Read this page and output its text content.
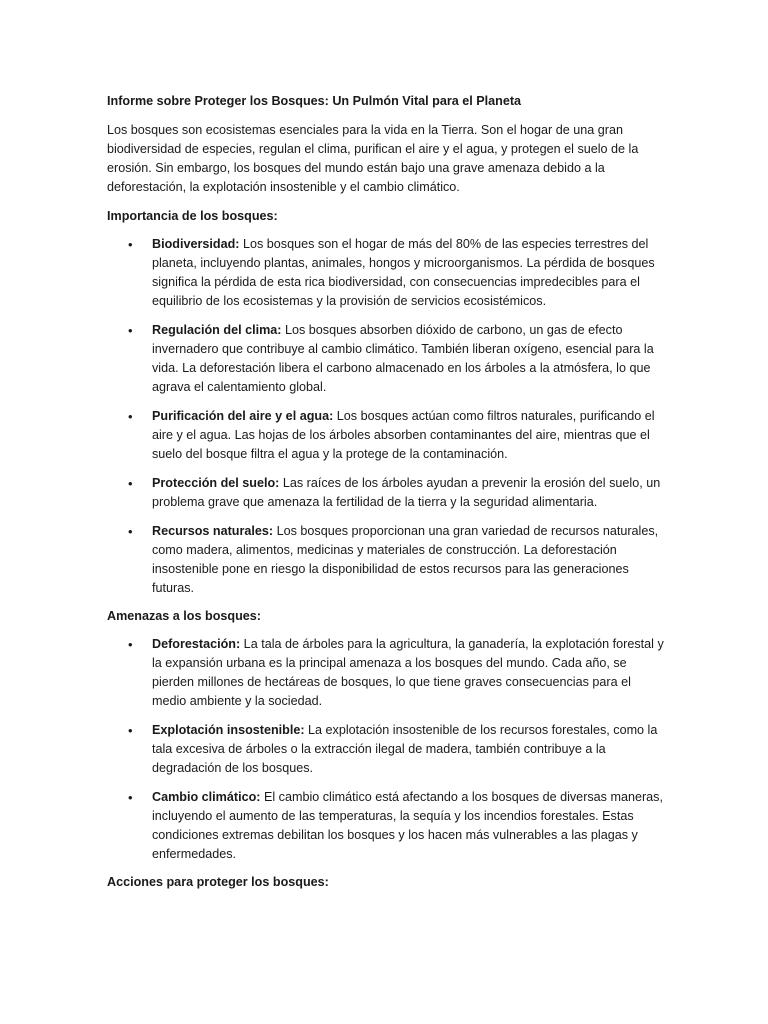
Informe sobre Proteger los Bosques: Un Pulmón Vital para el Planeta
Los bosques son ecosistemas esenciales para la vida en la Tierra. Son el hogar de una gran biodiversidad de especies, regulan el clima, purifican el aire y el agua, y protegen el suelo de la erosión. Sin embargo, los bosques del mundo están bajo una grave amenaza debido a la deforestación, la explotación insostenible y el cambio climático.
Importancia de los bosques:
• Biodiversidad: Los bosques son el hogar de más del 80% de las especies terrestres del planeta, incluyendo plantas, animales, hongos y microorganismos. La pérdida de bosques significa la pérdida de esta rica biodiversidad, con consecuencias impredecibles para el equilibrio de los ecosistemas y la provisión de servicios ecosistémicos.
• Regulación del clima: Los bosques absorben dióxido de carbono, un gas de efecto invernadero que contribuye al cambio climático. También liberan oxígeno, esencial para la vida. La deforestación libera el carbono almacenado en los árboles a la atmósfera, lo que agrava el calentamiento global.
• Purificación del aire y el agua: Los bosques actúan como filtros naturales, purificando el aire y el agua. Las hojas de los árboles absorben contaminantes del aire, mientras que el suelo del bosque filtra el agua y la protege de la contaminación.
• Protección del suelo: Las raíces de los árboles ayudan a prevenir la erosión del suelo, un problema grave que amenaza la fertilidad de la tierra y la seguridad alimentaria.
• Recursos naturales: Los bosques proporcionan una gran variedad de recursos naturales, como madera, alimentos, medicinas y materiales de construcción. La deforestación insostenible pone en riesgo la disponibilidad de estos recursos para las generaciones futuras.
Amenazas a los bosques:
• Deforestación: La tala de árboles para la agricultura, la ganadería, la explotación forestal y la expansión urbana es la principal amenaza a los bosques del mundo. Cada año, se pierden millones de hectáreas de bosques, lo que tiene graves consecuencias para el medio ambiente y la sociedad.
• Explotación insostenible: La explotación insostenible de los recursos forestales, como la tala excesiva de árboles o la extracción ilegal de madera, también contribuye a la degradación de los bosques.
• Cambio climático: El cambio climático está afectando a los bosques de diversas maneras, incluyendo el aumento de las temperaturas, la sequía y los incendios forestales. Estas condiciones extremas debilitan los bosques y los hacen más vulnerables a las plagas y enfermedades.
Acciones para proteger los bosques:
